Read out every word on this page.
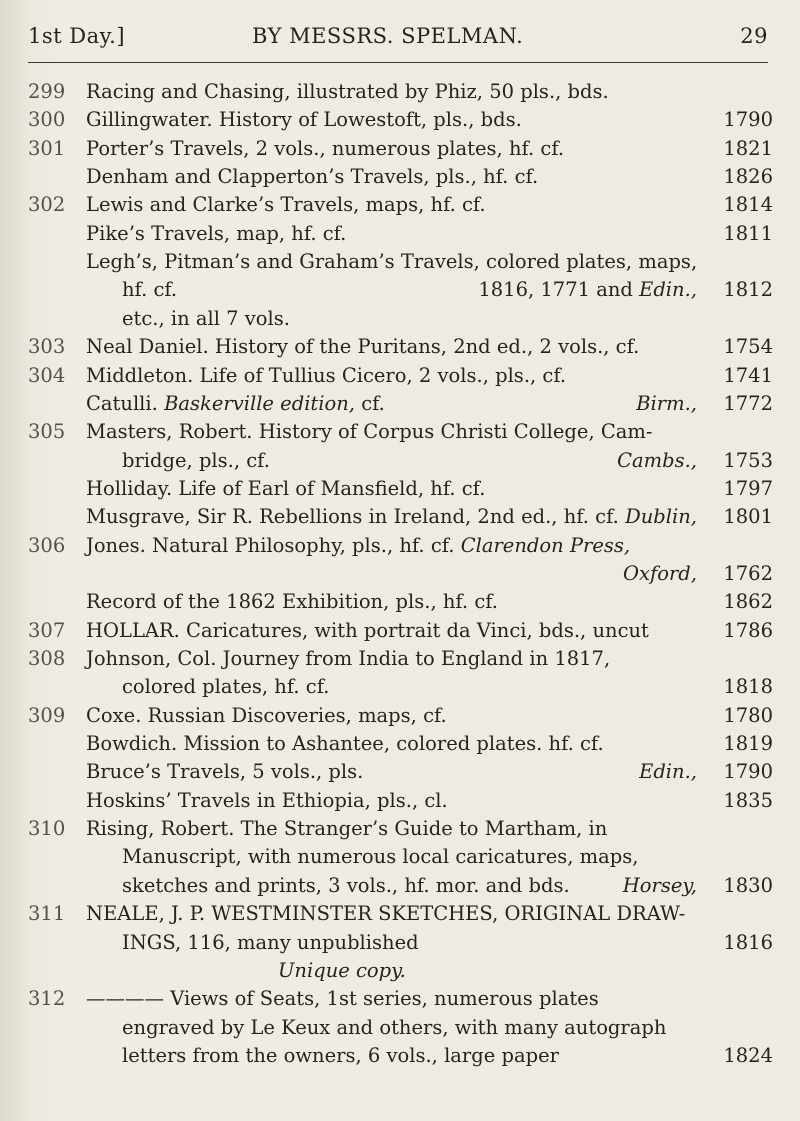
1st Day.]	BY MESSRS. SPELMAN.	29
299	Racing and Chasing, illustrated by Phiz, 50 pls., bds.
300	Gillingwater. History of Lowestoft, pls., bds.	1790
301	Porter’s Travels, 2 vols., numerous plates, hf. cf.	1821
Denham and Clapperton’s Travels, pls., hf. cf.	1826
302	Lewis and Clarke’s Travels, maps, hf. cf.	1814
Pike’s Travels, map, hf. cf.	1811
Legh’s, Pitman’s and Graham’s Travels, colored plates, maps,
hf. cf.	1816, 1771 and Edin., 1812
etc., in all 7 vols.
303	Neal Daniel. History of the Puritans, 2nd ed., 2 vols., cf.	1754
304	Middleton. Life of Tullius Cicero, 2 vols., pls., cf.	1741
Catulli. Baskerville edition, cf.	Birm., 1772
305	Masters, Robert. History of Corpus Christi College, Cam-
bridge, pls., cf.	Cambs., 1753
Holliday. Life of Earl of Mansfield, hf. cf.	1797
Musgrave, Sir R. Rebellions in Ireland, 2nd ed., hf. cf. Dublin, 1801
306	Jones. Natural Philosophy, pls., hf. cf. Clarendon Press,
Oxford, 1762
Record of the 1862 Exhibition, pls., hf. cf.	1862
307	HOLLAR. Caricatures, with portrait da Vinci, bds., uncut	1786
308	Johnson, Col. Journey from India to England in 1817,
colored plates, hf. cf.	1818
309	Coxe. Russian Discoveries, maps, cf.	1780
Bowdich. Mission to Ashantee, colored plates. hf. cf.	1819
Bruce’s Travels, 5 vols., pls.	Edin., 1790
Hoskins’ Travels in Ethiopia, pls., cl.	1835
310	Rising, Robert. The Stranger’s Guide to Martham, in
Manuscript, with numerous local caricatures, maps,
sketches and prints, 3 vols., hf. mor. and bds.	Horsey, 1830
311	NEALE, J. P. WESTMINSTER SKETCHES, ORIGINAL DRAW-
INGS, 116, many unpublished	1816
Unique copy.
312	———— Views of Seats, 1st series, numerous plates
engraved by Le Keux and others, with many autograph
letters from the owners, 6 vols., large paper	1824
